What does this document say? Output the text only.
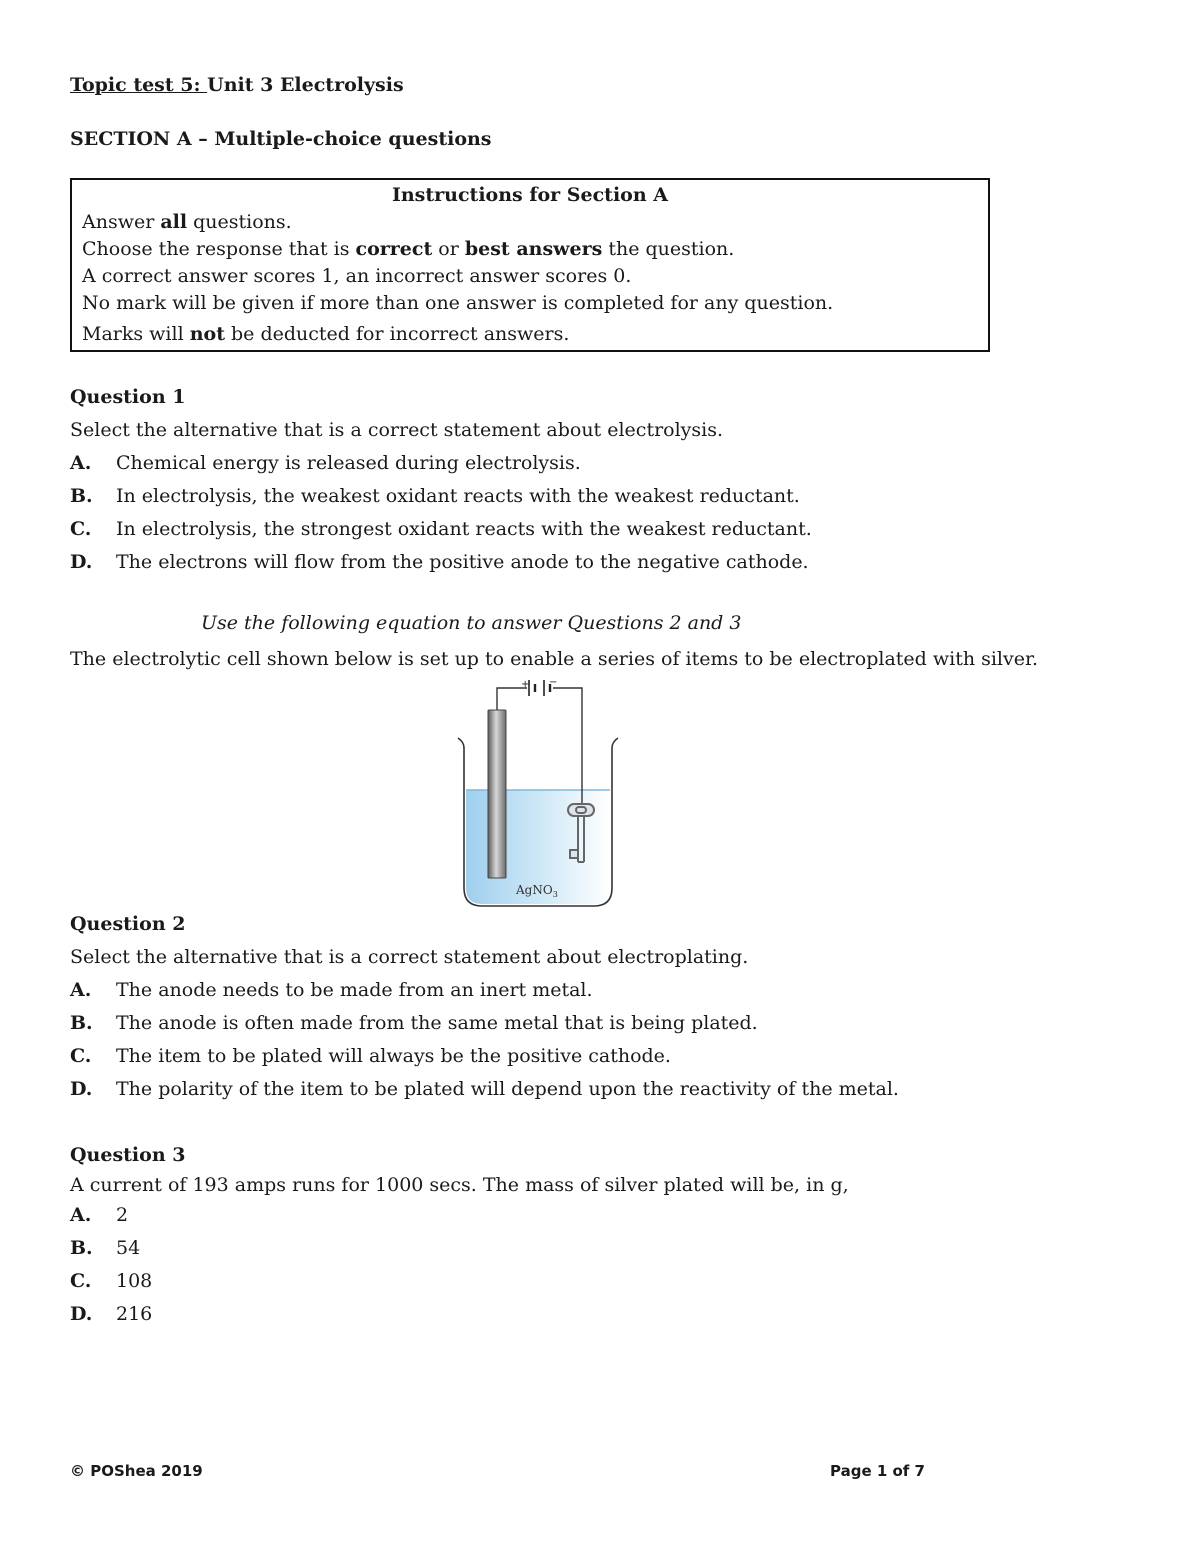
Topic test 5: Unit 3 Electrolysis
SECTION A – Multiple-choice questions
Instructions for Section A
Answer all questions.
Choose the response that is correct or best answers the question.
A correct answer scores 1, an incorrect answer scores 0.
No mark will be given if more than one answer is completed for any question.
Marks will not be deducted for incorrect answers.
Question 1
Select the alternative that is a correct statement about electrolysis.
A. Chemical energy is released during electrolysis.
B. In electrolysis, the weakest oxidant reacts with the weakest reductant.
C. In electrolysis, the strongest oxidant reacts with the weakest reductant.
D. The electrons will flow from the positive anode to the negative cathode.
Use the following equation to answer Questions 2 and 3
The electrolytic cell shown below is set up to enable a series of items to be electroplated with silver.
+ −
AgNO$_3$
Question 2
Select the alternative that is a correct statement about electroplating.
A. The anode needs to be made from an inert metal.
B. The anode is often made from the same metal that is being plated.
C. The item to be plated will always be the positive cathode.
D. The polarity of the item to be plated will depend upon the reactivity of the metal.
Question 3
A current of 193 amps runs for 1000 secs. The mass of silver plated will be, in g,
A. 2
B. 54
C. 108
D. 216
© POShea 2019	Page 1 of 7
